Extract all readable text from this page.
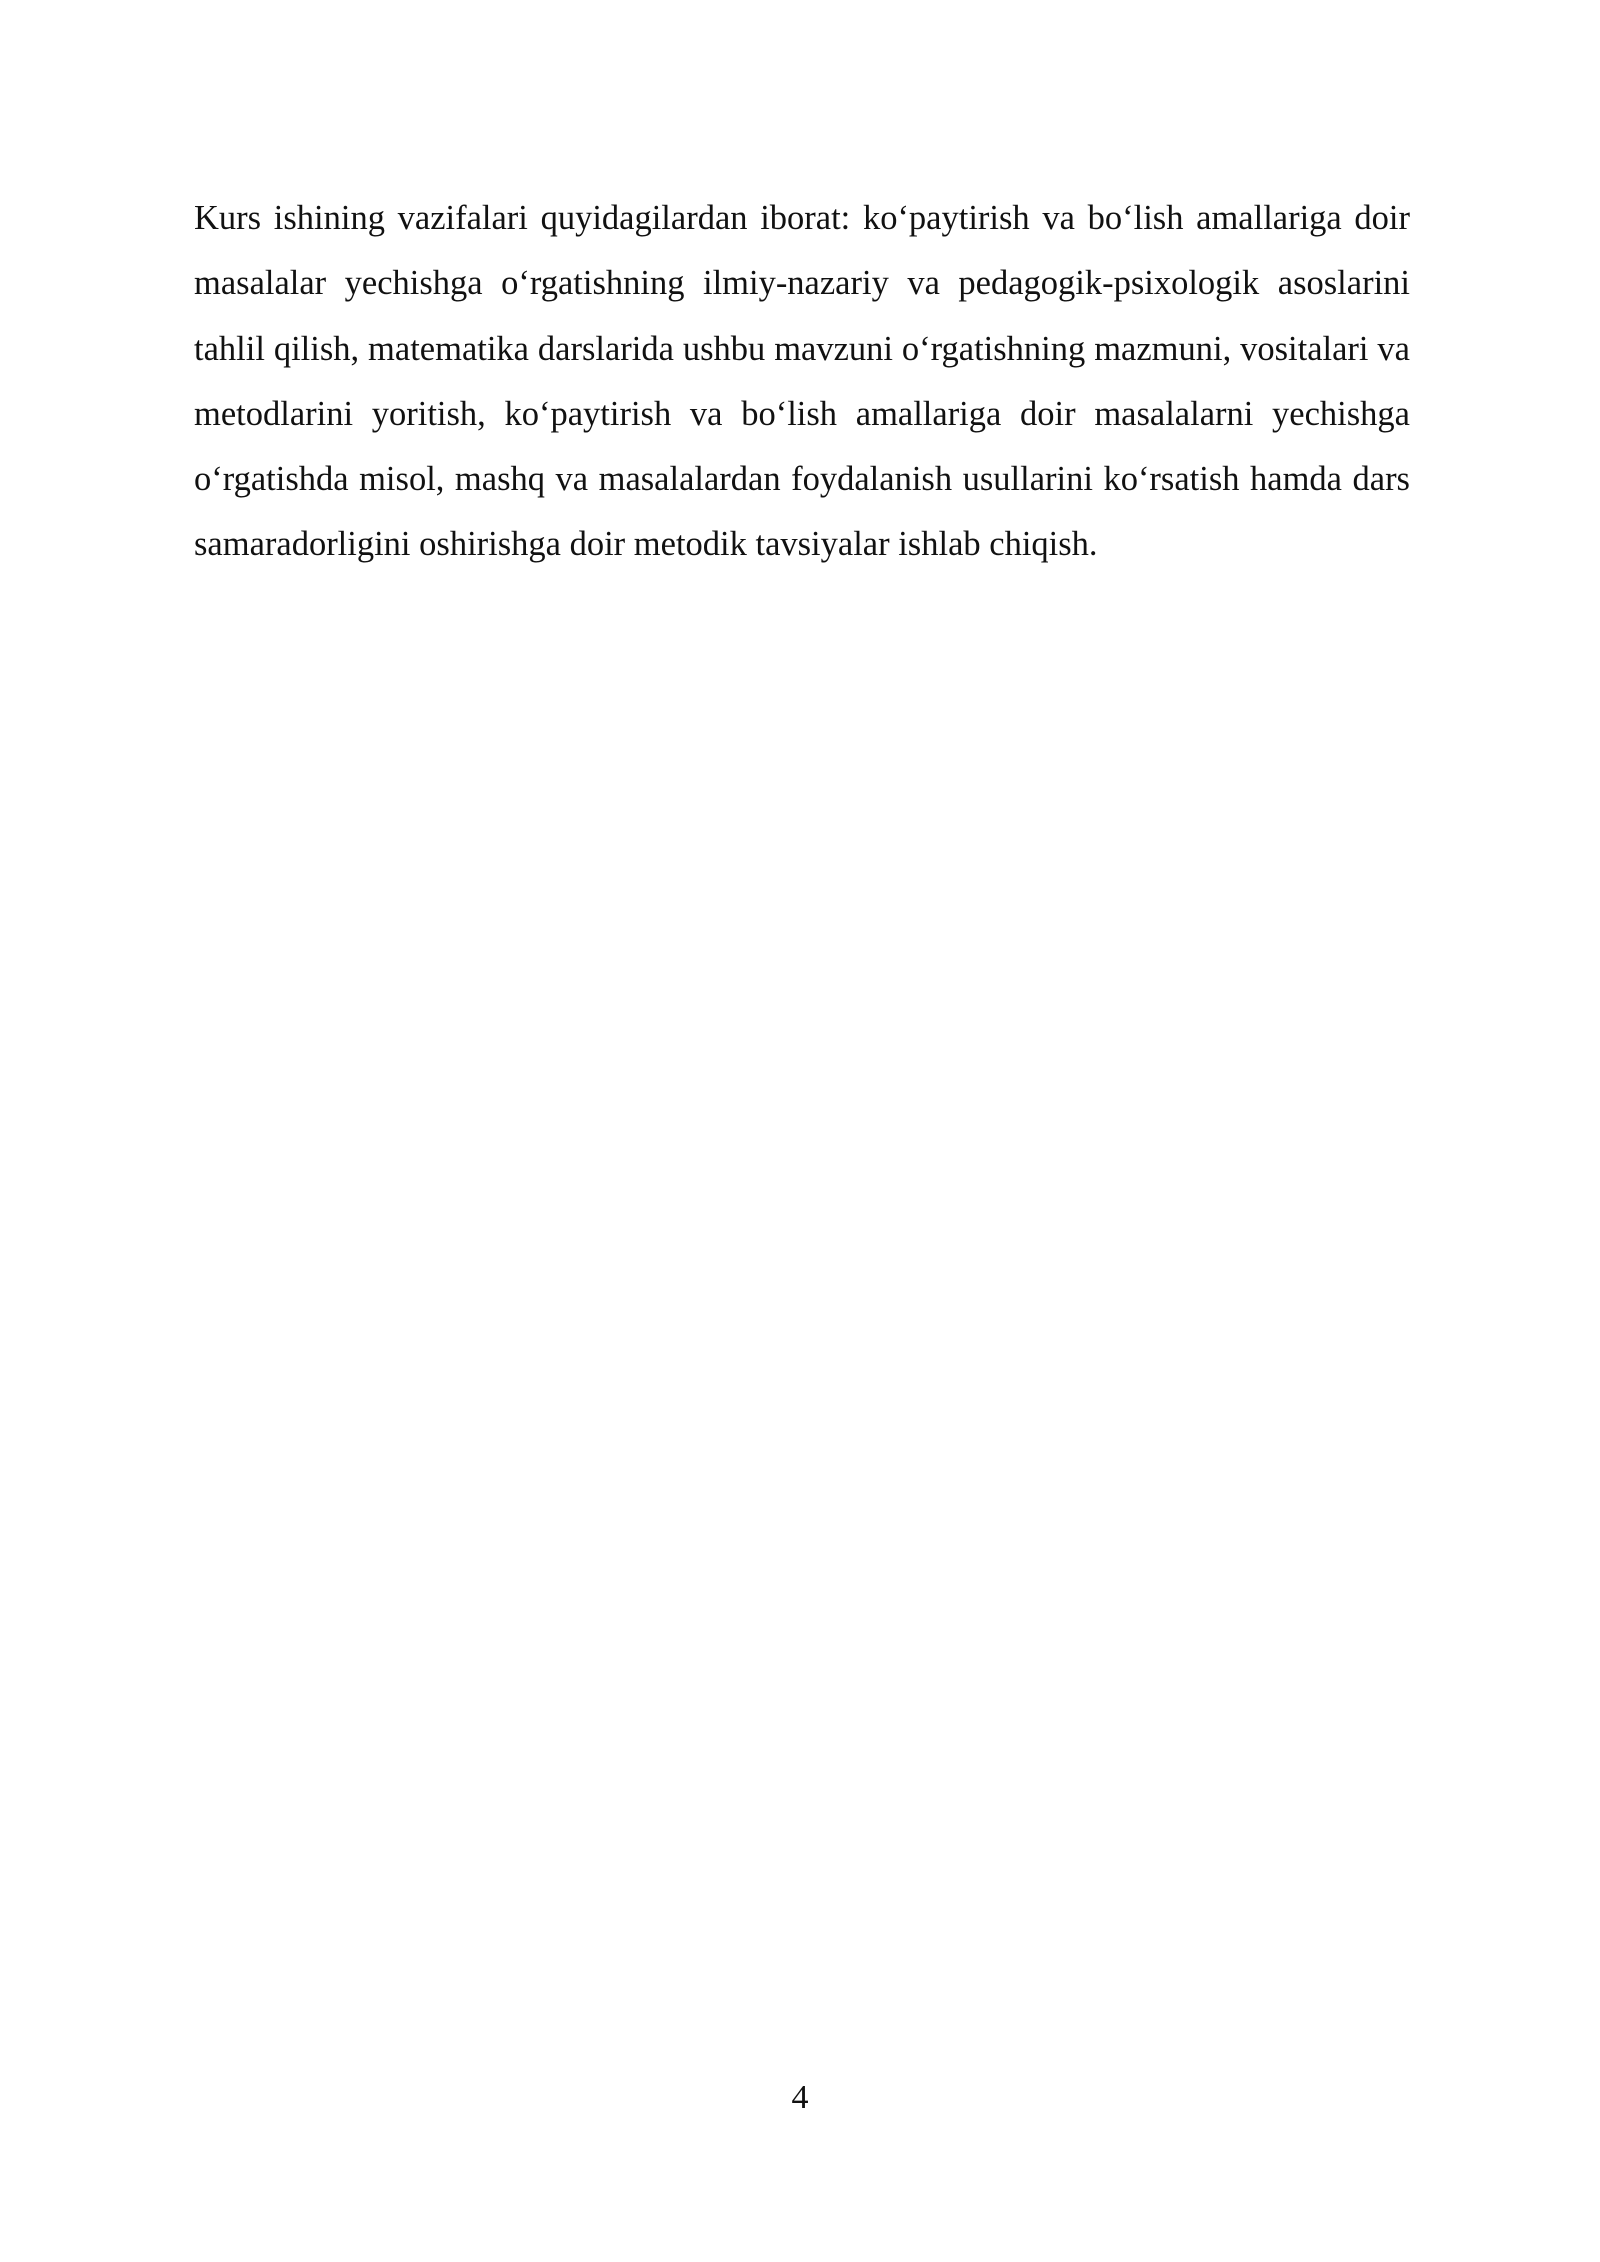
Kurs ishining vazifalari quyidagilardan iborat: ko‘paytirish va bo‘lish amallariga doir masalalar yechishga o‘rgatishning ilmiy-nazariy va pedagogik-psixologik asoslarini tahlil qilish, matematika darslarida ushbu mavzuni o‘rgatishning mazmuni, vositalari va metodlarini yoritish, ko‘paytirish va bo‘lish amallariga doir masalalarni yechishga o‘rgatishda misol, mashq va masalalardan foydalanish usullarini ko‘rsatish hamda dars samaradorligini oshirishga doir metodik tavsiyalar ishlab chiqish.

4
